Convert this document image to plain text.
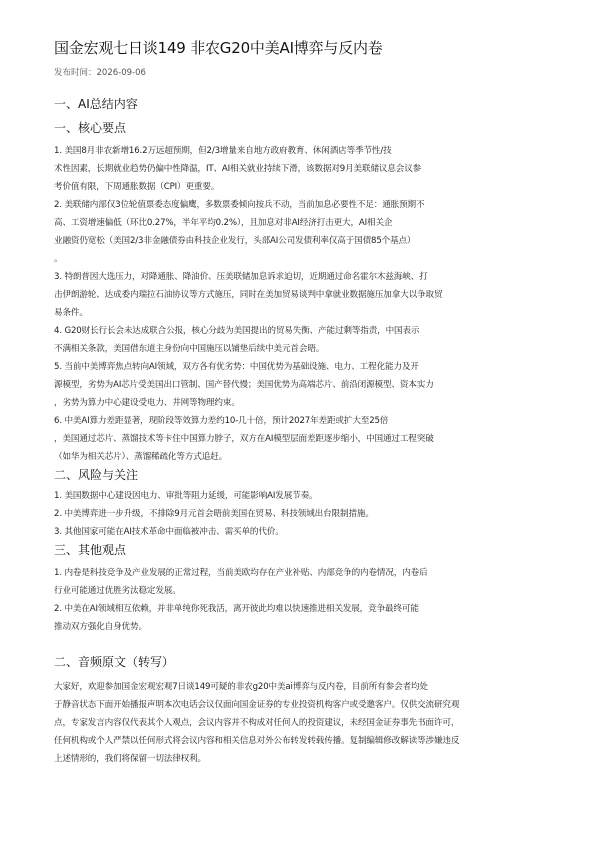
国金宏观七日谈149 非农G20中美AI博弈与反内卷
发布时间：2026-09-06
一、AI总结内容
一、核心要点
1. 美国8月非农新增16.2万远超预期，但2/3增量来自地方政府教育、休闲酒店等季节性/技
术性因素，长期就业趋势仍偏中性降温，IT、AI相关就业持续下滑，该数据对9月美联储议息会议参
考价值有限，下周通胀数据（CPI）更重要。
2. 美联储内部仅3位轮值票委态度偏鹰，多数票委倾向按兵不动，当前加息必要性不足：通胀预期不
高、工资增速偏低（环比0.27%，半年平均0.2%），且加息对非AI经济打击更大，AI相关企
业融资仍宽松（美国2/3非金融债券由科技企业发行，头部AI公司发债利率仅高于国债85个基点）
。
3. 特朗普因大选压力，对降通胀、降油价、压美联储加息诉求迫切，近期通过命名霍尔木兹海峡、打
击伊朗游轮、达成委内瑞拉石油协议等方式施压，同时在美加贸易谈判中拿就业数据施压加拿大以争取贸
易条件。
4. G20财长行长会未达成联合公报，核心分歧为美国提出的贸易失衡、产能过剩等指责，中国表示
不满相关条款，美国借东道主身份向中国施压以铺垫后续中美元首会晤。
5. 当前中美博弈焦点转向AI领域，双方各有优劣势：中国优势为基础设施、电力、工程化能力及开
源模型，劣势为AI芯片受美国出口管制、国产替代慢；美国优势为高端芯片、前沿闭源模型、资本实力
，劣势为算力中心建设受电力、井网等物理约束。
6. 中美AI算力差距显著，现阶段等效算力差约10-几十倍，预计2027年差距或扩大至25倍
，美国通过芯片、蒸馏技术等卡住中国算力脖子，双方在AI模型层面差距逐步缩小，中国通过工程突破
（如华为相关芯片）、蒸馏稀疏化等方式追赶。
二、风险与关注
1. 美国数据中心建设因电力、审批等阻力延缓，可能影响AI发展节奏。
2. 中美博弈进一步升级，不排除9月元首会晤前美国在贸易、科技领域出台限制措施。
3. 其他国家可能在AI技术革命中面临被冲击、需买单的代价。
三、其他观点
1. 内卷是科技竞争及产业发展的正常过程，当前美欧均存在产业补贴、内部竞争的内卷情况，内卷后
行业可能通过优胜劣汰稳定发展。
2. 中美在AI领域相互依赖，并非单纯你死我活，离开彼此均难以快速推进相关发展，竞争最终可能
推动双方强化自身优势。
二、音频原文（转写）
大家好，欢迎参加国金宏观宏观7日谈149可疑的非农g20中美ai博弈与反内卷，目前所有参会者均处
于静音状态下面开始播报声明本次电话会议仅面向国金证券的专业投资机构客户或受邀客户。仅供交流研究观
点，专家发言内容仅代表其个人观点，会议内容并不构成对任何人的投资建议，未经国金证券事先书面许可，
任何机构或个人严禁以任何形式将会议内容和相关信息对外公布转发转载传播。复制编辑修改解读等涉嫌违反
上述情形的，我们将保留一切法律权利。
